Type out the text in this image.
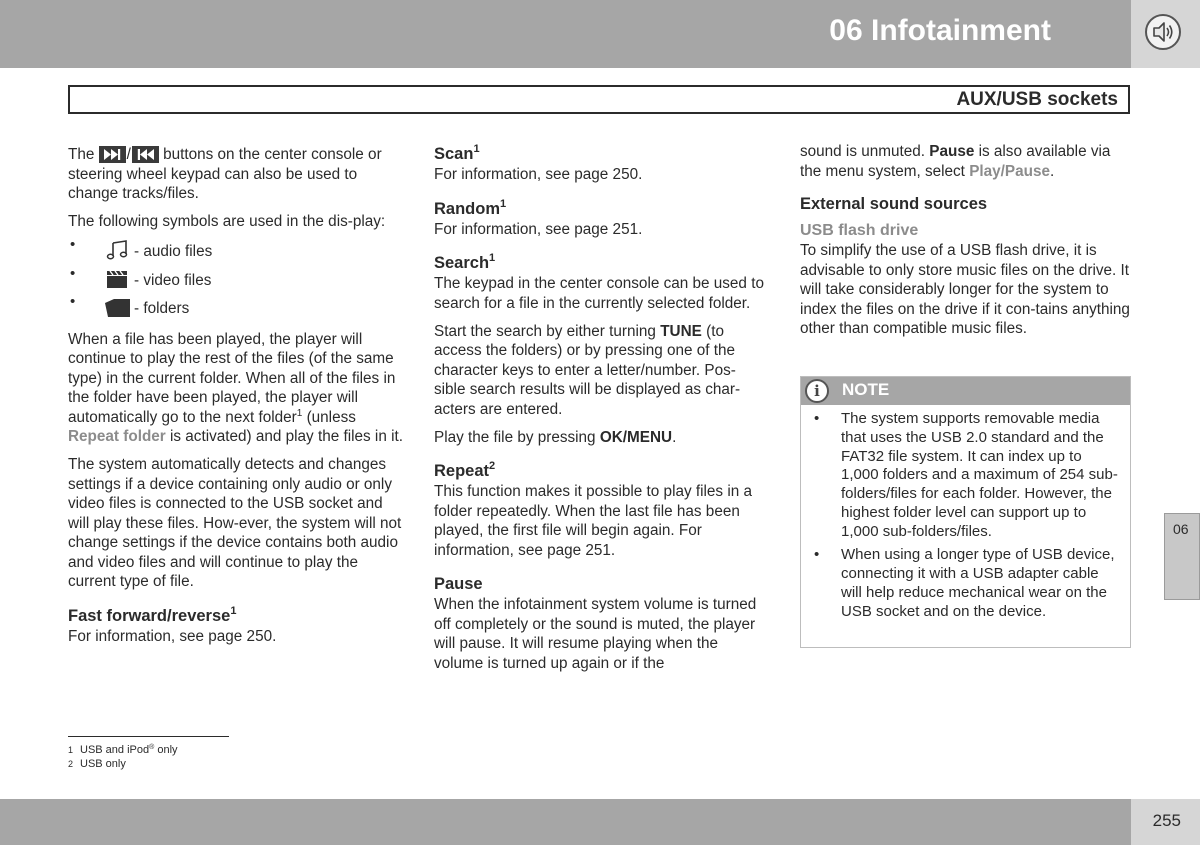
06 Infotainment
AUX/USB sockets

The
/
buttons on the center console or steering wheel keypad can also be used to change tracks/files.

The following symbols are used in the dis-play:

•	- audio files
•	- video files
•	- folders

When a file has been played, the player will continue to play the rest of the files (of the same type) in the current folder. When all of the files in the folder have been played, the player will automatically go to the next folder$^1$ (unless Repeat folder is activated) and play the files in it.

The system automatically detects and changes settings if a device containing only audio or only video files is connected to the USB socket and will play these files. How-ever, the system will not change settings if the device contains both audio and video files and will continue to play the current type of file.

Fast forward/reverse$^1$

For information, see page 250.

Scan$^1$

For information, see page 250.

Random$^1$

For information, see page 251.

Search$^1$

The keypad in the center console can be used to search for a file in the currently selected folder.

Start the search by either turning TUNE (to access the folders) or by pressing one of the character keys to enter a letter/number. Pos-sible search results will be displayed as char-acters are entered.

Play the file by pressing OK/MENU.

Repeat$^2$

This function makes it possible to play files in a folder repeatedly. When the last file has been played, the first file will begin again. For information, see page 251.

Pause

When the infotainment system volume is turned off completely or the sound is muted, the player will pause. It will resume playing when the volume is turned up again or if the

sound is unmuted. Pause is also available via the menu system, select Play/Pause.

External sound sources
USB flash drive

To simplify the use of a USB flash drive, it is advisable to only store music files on the drive. It will take considerably longer for the system to index the files on the drive if it con-tains anything other than compatible music files.

i	NOTE
• The system supports removable media that uses the USB 2.0 standard and the FAT32 file system. It can index up to 1,000 folders and a maximum of 254 sub-folders/files for each folder. However, the highest folder level can support up to 1,000 sub-folders/files.
• When using a longer type of USB device, connecting it with a USB adapter cable will help reduce mechanical wear on the USB socket and on the device.
1 USB and iPod® only
2 USB only
06
255
